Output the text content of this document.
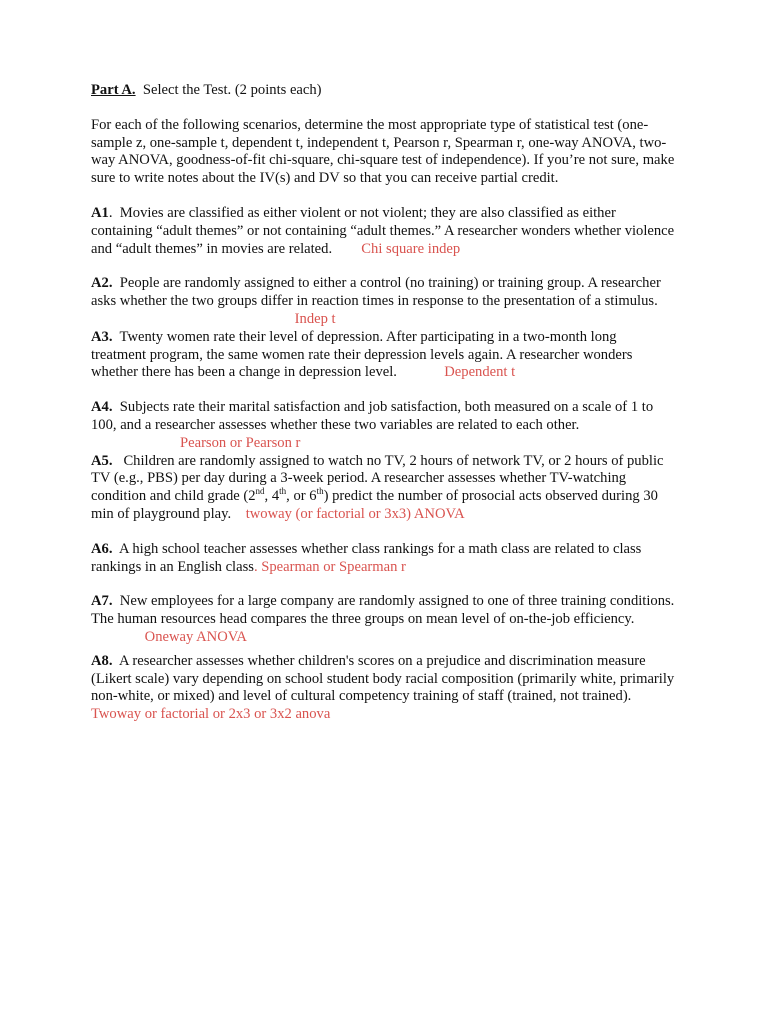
Part A. Select the Test. (2 points each)

For each of the following scenarios, determine the most appropriate type of statistical test (one-sample z, one-sample t, dependent t, independent t, Pearson r, Spearman r, one-way ANOVA, two-way ANOVA, goodness-of-fit chi-square, chi-square test of independence). If you’re not sure, make sure to write notes about the IV(s) and DV so that you can receive partial credit.

A1.  Movies are classified as either violent or not violent; they are also classified as either containing “adult themes” or not containing “adult themes.” A researcher wonders whether violence and “adult themes” in movies are related. Chi square indep

A2. People are randomly assigned to either a control (no training) or training group. A researcher asks whether the two groups differ in reaction times in response to the presentation of a stimulus.  Indep t

A3. Twenty women rate their level of depression. After participating in a two-month long treatment program, the same women rate their depression levels again. A researcher wonders whether there has been a change in depression level.	Dependent t

A4. Subjects rate their marital satisfaction and job satisfaction, both measured on a scale of 1 to 100, and a researcher assesses whether these two variables are related to each other.
Pearson or Pearson r

A5. Children are randomly assigned to watch no TV, 2 hours of network TV, or 2 hours of public TV (e.g., PBS) per day during a 3-week period. A researcher assesses whether TV-watching condition and child grade (2nd, 4th, or 6th) predict the number of prosocial acts observed during 30 min of playground play. twoway (or factorial or 3x3) ANOVA

A6. A high school teacher assesses whether class rankings for a math class are related to class rankings in an English class. Spearman or Spearman r

A7. New employees for a large company are randomly assigned to one of three training conditions. The human resources head compares the three groups on mean level of on-the-job efficiency.  Oneway ANOVA

A8. A researcher assesses whether children's scores on a prejudice and discrimination measure (Likert scale) vary depending on school student body racial composition (primarily white, primarily non-white, or mixed) and level of cultural competency training of staff (trained, not trained).  Twoway or factorial or 2x3 or 3x2 anova
